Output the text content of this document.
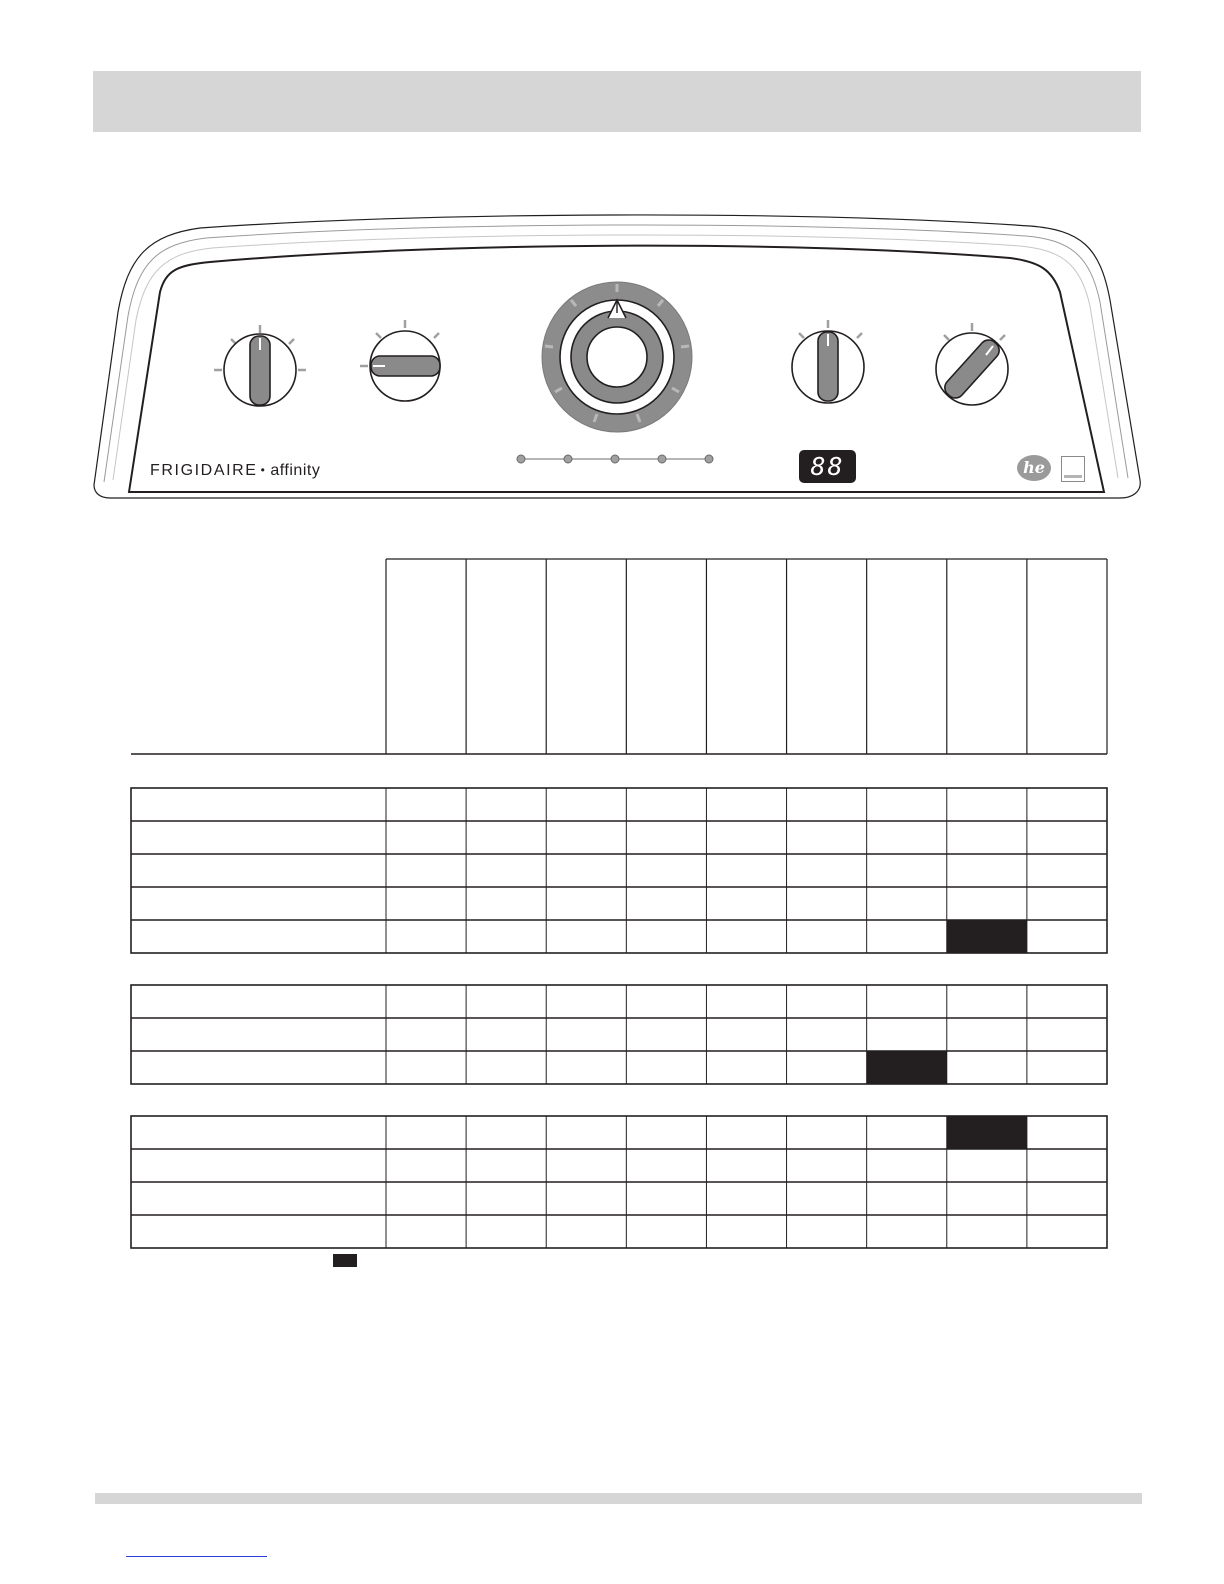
FRIGIDAIRE • affinity	88	he
